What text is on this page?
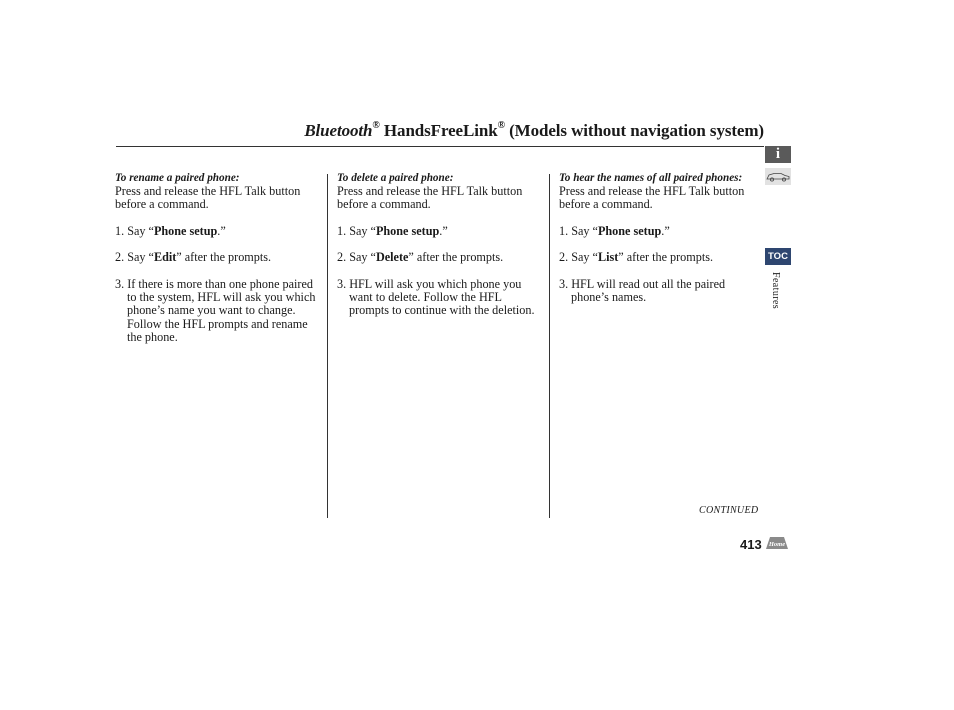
Bluetooth® HandsFreeLink® (Models without navigation system)

To rename a paired phone:

Press and release the HFL Talk button before a command.

1. Say “Phone setup.”

2. Say “Edit” after the prompts.

3. If there is more than one phone paired to the system, HFL will ask you which phone’s name you want to change. Follow the HFL prompts and rename the phone.

To delete a paired phone:

Press and release the HFL Talk button before a command.

1. Say “Phone setup.”

2. Say “Delete” after the prompts.

3. HFL will ask you which phone you want to delete. Follow the HFL prompts to continue with the deletion.

To hear the names of all paired phones:

Press and release the HFL Talk button before a command.

1. Say “Phone setup.”

2. Say “List” after the prompts.

3. HFL will read out all the paired phone’s names.

CONTINUED
413 Home
i
TOC
Features
